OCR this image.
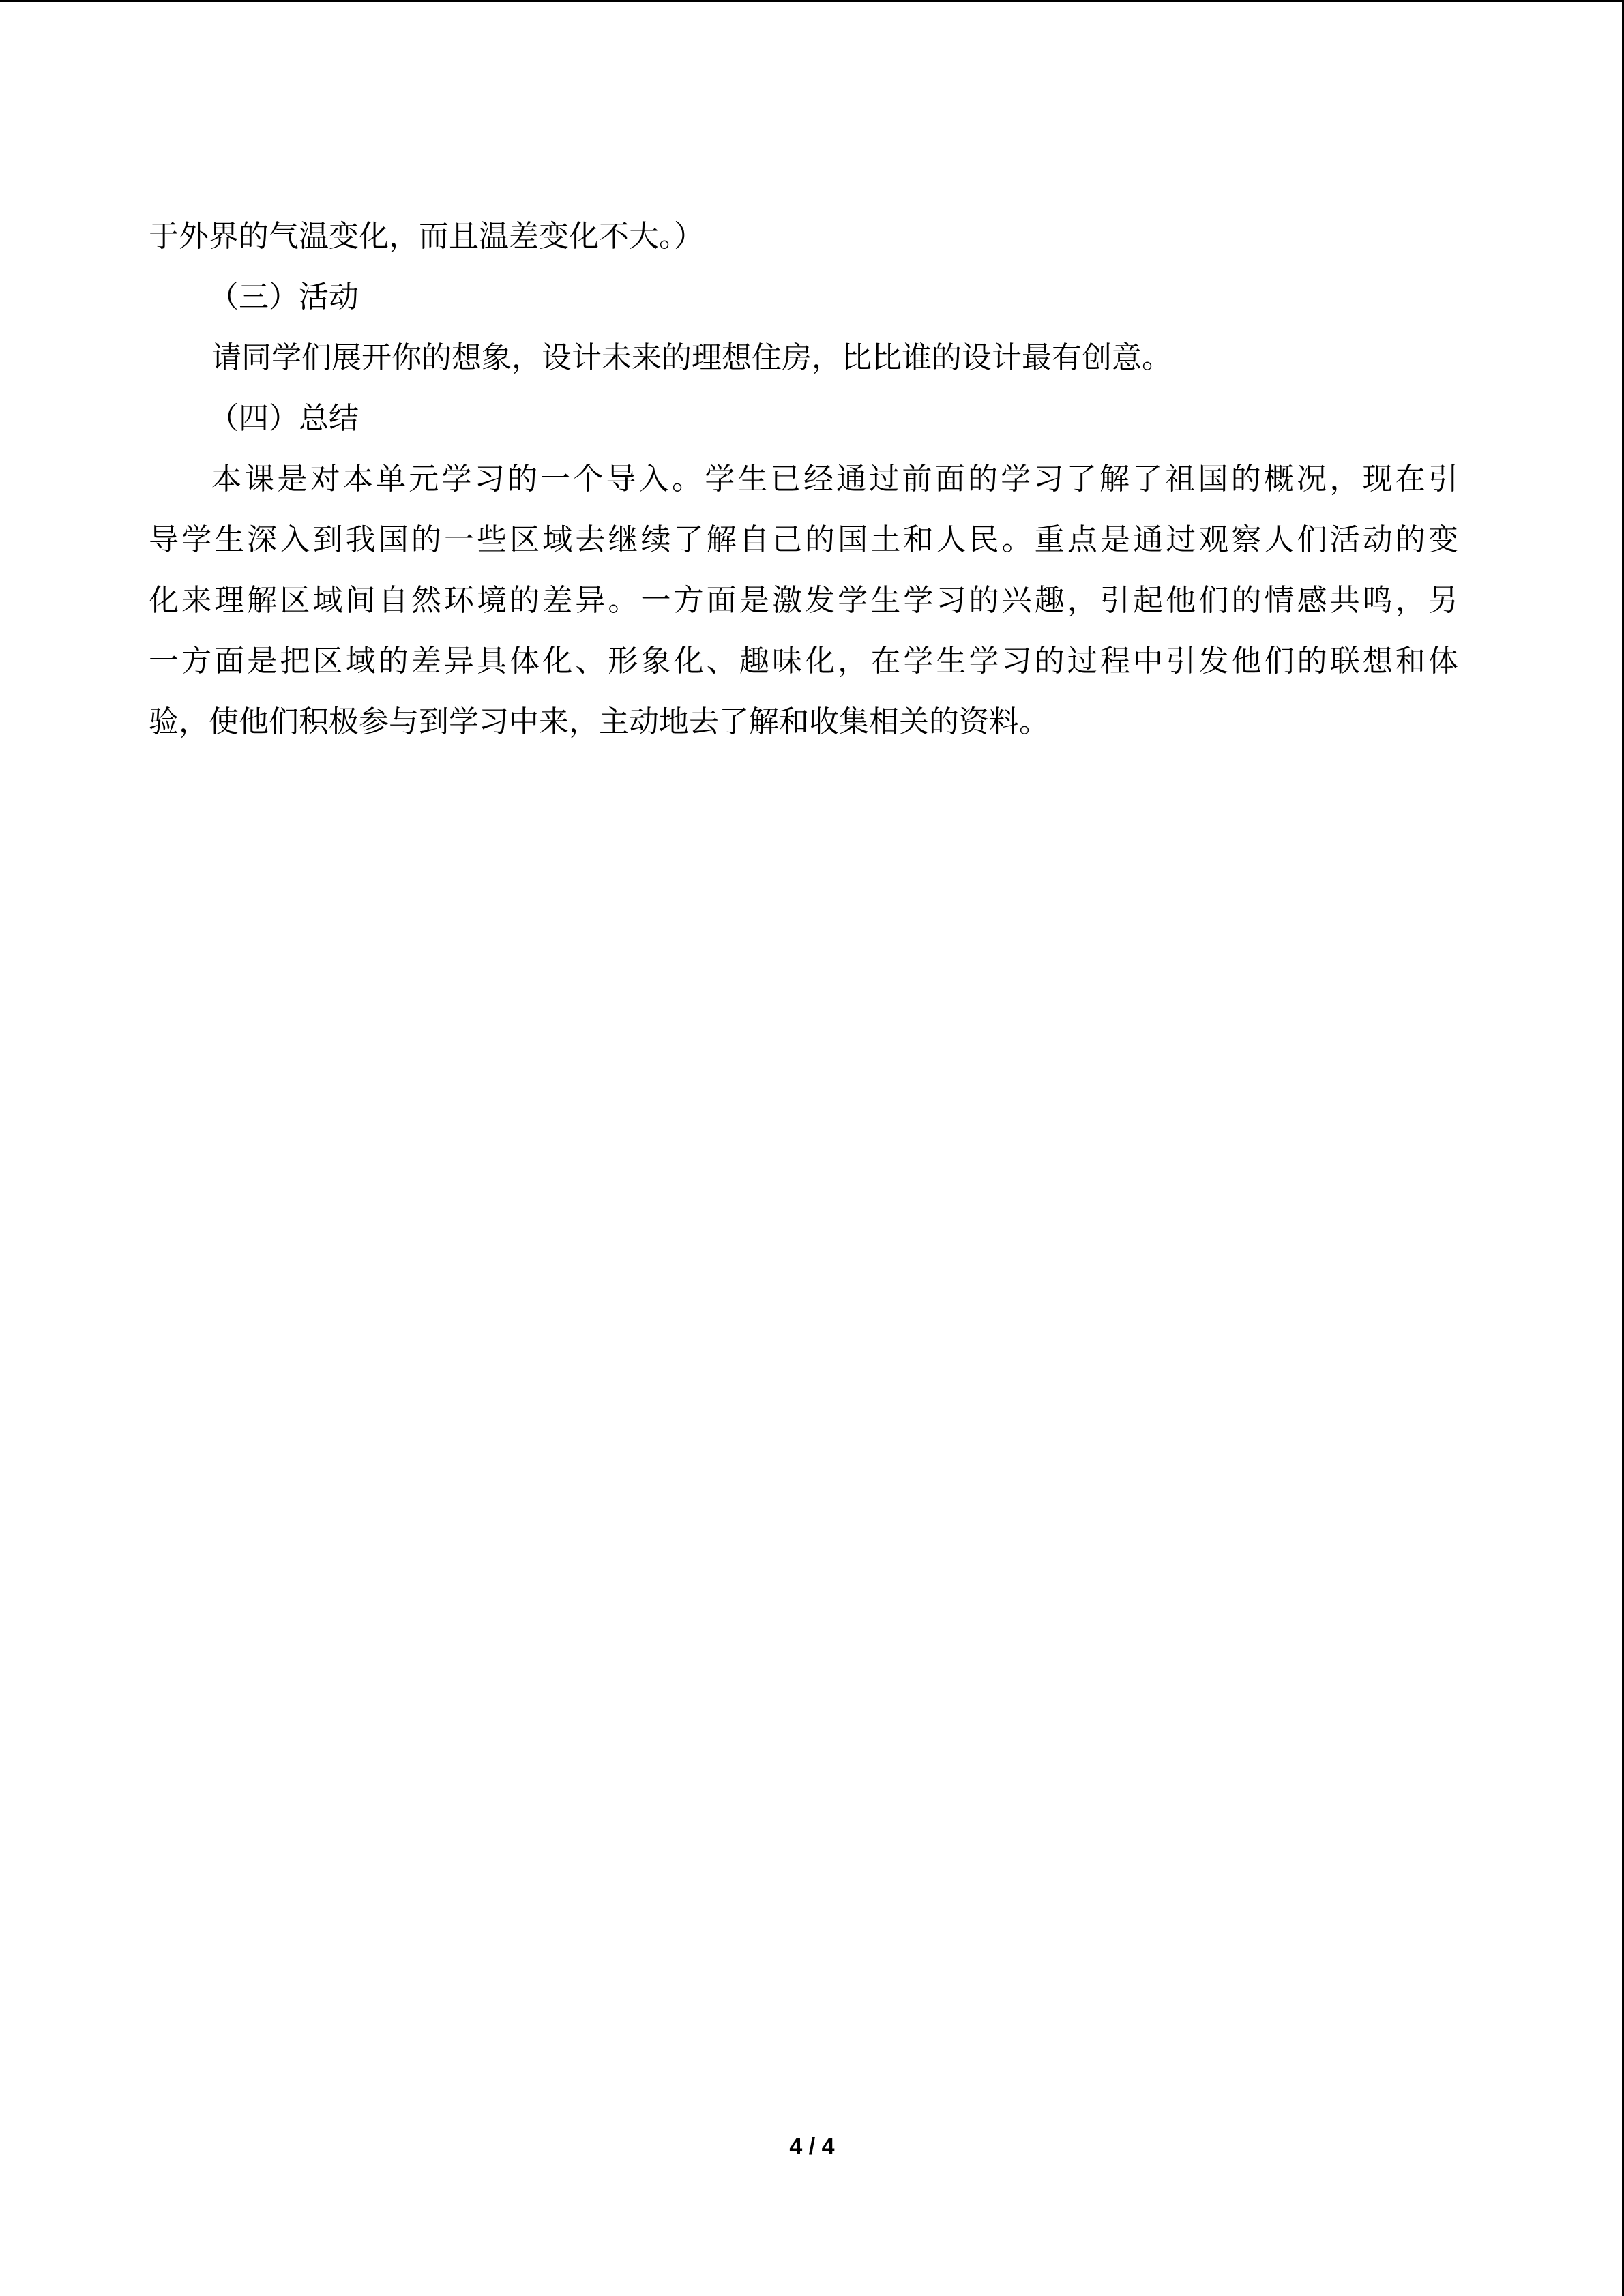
于外界的气温变化，而且温差变化不大。）

（三）活动

请同学们展开你的想象，设计未来的理想住房，比比谁的设计最有创意。

（四）总结

本课是对本单元学习的一个导入。学生已经通过前面的学习了解了祖国的概况，现在引

导学生深入到我国的一些区域去继续了解自己的国土和人民。重点是通过观察人们活动的变

化来理解区域间自然环境的差异。一方面是激发学生学习的兴趣，引起他们的情感共鸣，另

一方面是把区域的差异具体化、形象化、趣味化，在学生学习的过程中引发他们的联想和体

验，使他们积极参与到学习中来，主动地去了解和收集相关的资料。

4 / 4
